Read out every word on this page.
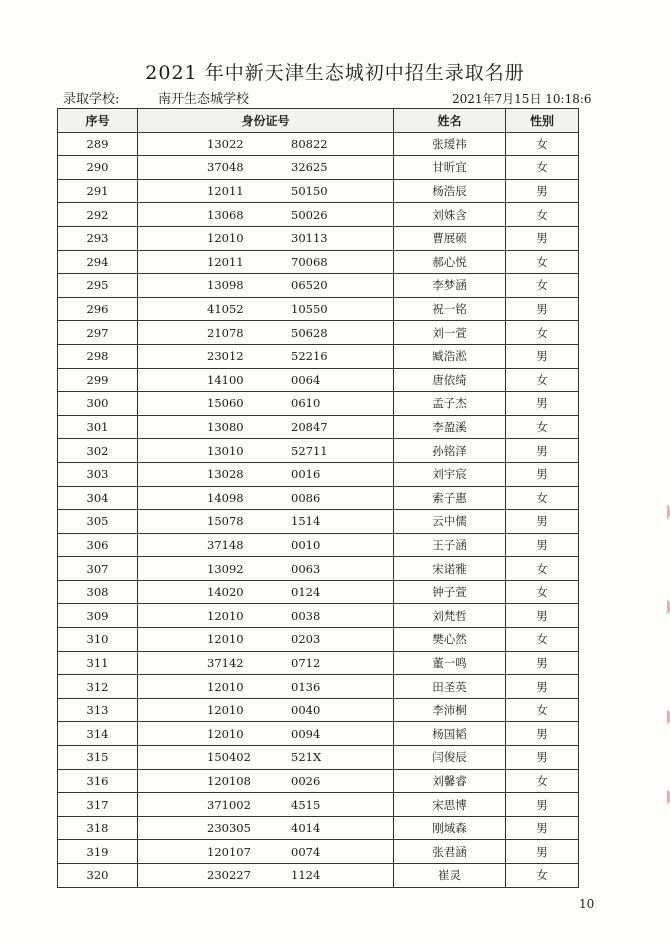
2021 年中新天津生态城初中招生录取名册
录取学校:	南开生态城学校	2021年7月15日 10:18:6
序号	身份证号	姓名	性别
289	13022 80822	张瑷祎	女
290	37048 32625	甘昕宜	女
291	12011 50150	杨浩辰	男
292	13068 50026	刘姝含	女
293	12010 30113	曹展硕	男
294	12011 70068	郝心悦	女
295	13098 06520	李梦涵	女
296	41052 10550	祝一铭	男
297	21078 50628	刘一萱	女
298	23012 52216	臧浩淞	男
299	14100 0064	唐依绮	女
300	15060 0610	孟子杰	男
301	13080 20847	李盈溪	女
302	13010 52711	孙铭泽	男
303	13028 0016	刘宇宸	男
304	14098 0086	索子惠	女
305	15078 1514	云中儒	男
306	37148 0010	王子涵	男
307	13092 0063	宋诺雅	女
308	14020 0124	钟子萱	女
309	12010 0038	刘梵哲	男
310	12010 0203	樊心然	女
311	37142 0712	董一鸣	男
312	12010 0136	田圣英	男
313	12010 0040	李沛桐	女
314	12010 0094	杨国韬	男
315	150402 521X	闫俊辰	男
316	120108 0026	刘馨睿	女
317	371002 4515	宋思博	男
318	230305 4014	刚域森	男
319	120107 0074	张君涵	男
320	230227 1124	崔灵	女
10
